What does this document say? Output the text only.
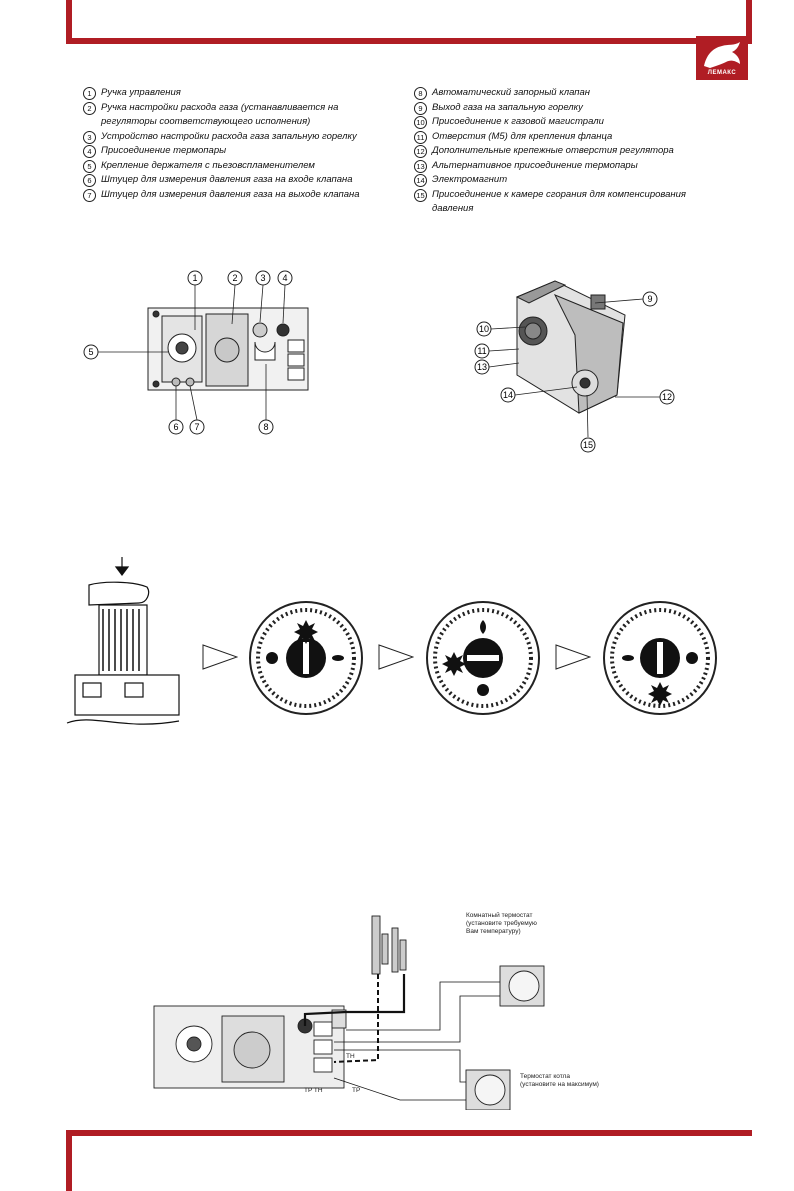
ЛЕМАКС
1 Ручка управления
2 Ручка настройки расхода газа (устанавливается на регуляторы соответствующего исполнения)
3 Устройство настройки расхода газа запальную горелку
4 Присоединение термопары
5 Крепление держателя с пьезовспламенителем
6 Штуцер для измерения давления газа на входе клапана
7 Штуцер для измерения давления газа на выходе клапана
8 Автоматический запорный клапан
9 Выход газа на запальную горелку
10 Присоединение к газовой магистрали
11 Отверстия (М5) для крепления фланца
12 Дополнительные крепежные отверстия регулятора
13 Альтернативное присоединение термопары
14 Электромагнит
15 Присоединение к камере сгорания для компенсирования давления
1	2	3 4
5
6 7	8
9
10
11
13
14	12
15
Комнатный термостат
(установите требуемую
Вам температуру)
Термостат котла
(установите на максимум)
TH
TP
TP TH
